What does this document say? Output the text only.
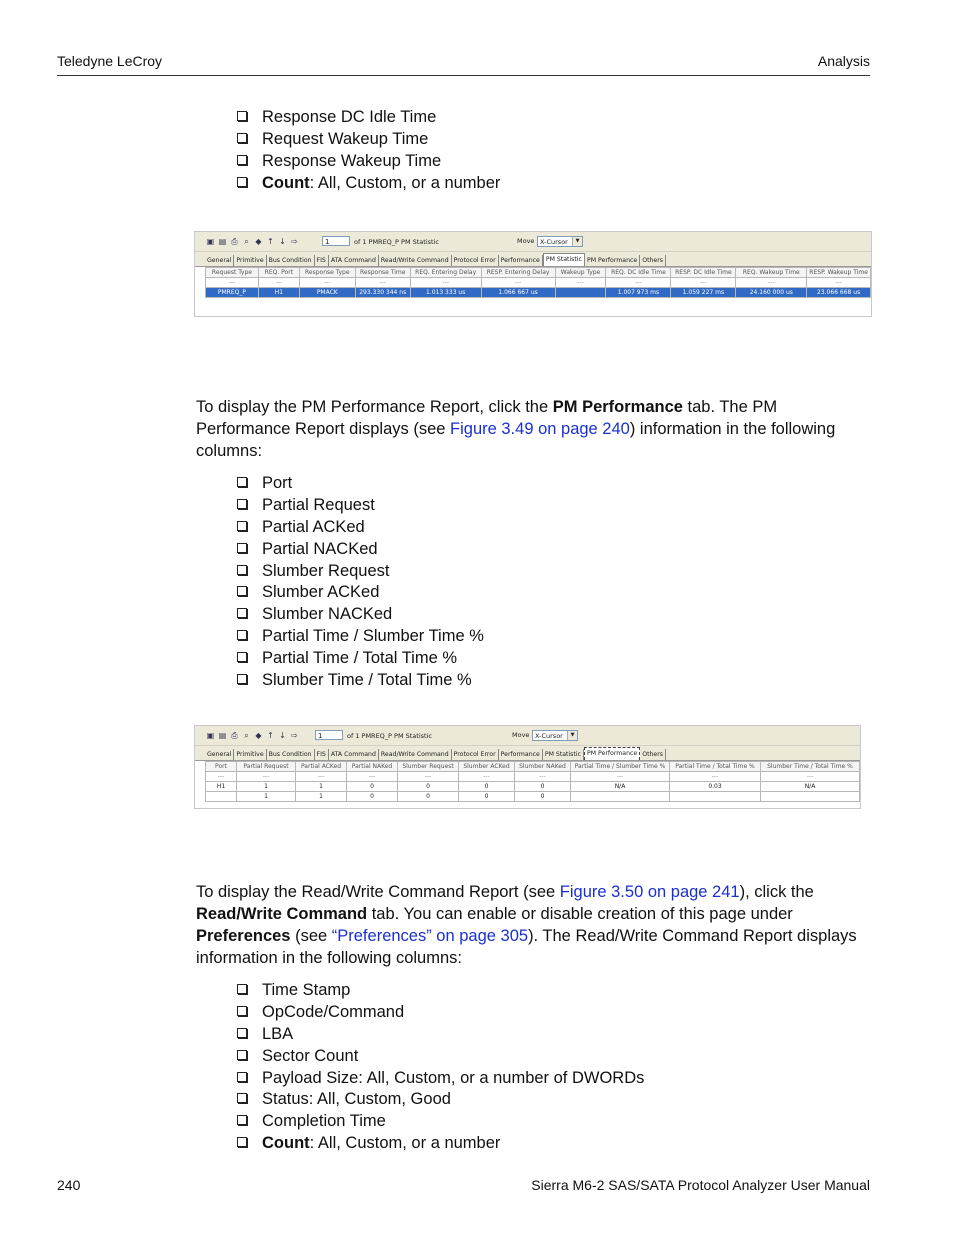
Teledyne LeCroy	Analysis
Response DC Idle Time
Request Wakeup Time
Response Wakeup Time
Count: All, Custom, or a number
▣ ▤ ⎙ ⌕ ◆ ↑ ↓ ⇨	1	of 1 PMREQ_P PM Statistic	Move X-Cursor	▼
General Primitive Bus Condition FIS ATA Command Read/Write Command Protocol Error Performance PM Statistic PM Performance Others
Request Type	REQ. Port	Response Type	Response Time	REQ. Entering Delay	RESP. Entering Delay	Wakeup Type	REQ. DC Idle Time	RESP. DC Idle Time	REQ. Wakeup Time	RESP. Wakeup Time
---	---	---	---	---	---	---	---	---	---	---
PMREQ_P	H1	PMACK	293.330 344 ns	1.013 333 us	1.066 667 us		1.007 973 ms	1.059 227 ms	24.160 000 us	23.066 668 us

To display the PM Performance Report, click the PM Performance tab. The PM Performance Report displays (see Figure 3.49 on page 240) information in the following columns:

Port
Partial Request
Partial ACKed
Partial NACKed
Slumber Request
Slumber ACKed
Slumber NACKed
Partial Time / Slumber Time %
Partial Time / Total Time %
Slumber Time / Total Time %
▣ ▤ ⎙ ⌕ ◆ ↑ ↓ ⇨	1	of 1 PMREQ_P PM Statistic	Move X-Cursor	▼
General Primitive Bus Condition FIS ATA Command Read/Write Command Protocol Error Performance PM Statistic PM Performance Others
Port	Partial Request	Partial ACKed	Partial NAKed	Slumber Request	Slumber ACKed	Slumber NAKed	Partial Time / Slumber Time %	Partial Time / Total Time %	Slumber Time / Total Time %
---	---	---	---	---	---	---	---	---	---
H1	1	1	0	0	0	0	N/A	0.03	N/A
	1	1	0	0	0	0			

To display the Read/Write Command Report (see Figure 3.50 on page 241), click the Read/Write Command tab. You can enable or disable creation of this page under Preferences (see “Preferences” on page 305). The Read/Write Command Report displays information in the following columns:

Time Stamp
OpCode/Command
LBA
Sector Count
Payload Size: All, Custom, or a number of DWORDs
Status: All, Custom, Good
Completion Time
Count: All, Custom, or a number
240	Sierra M6-2 SAS/SATA Protocol Analyzer User Manual
